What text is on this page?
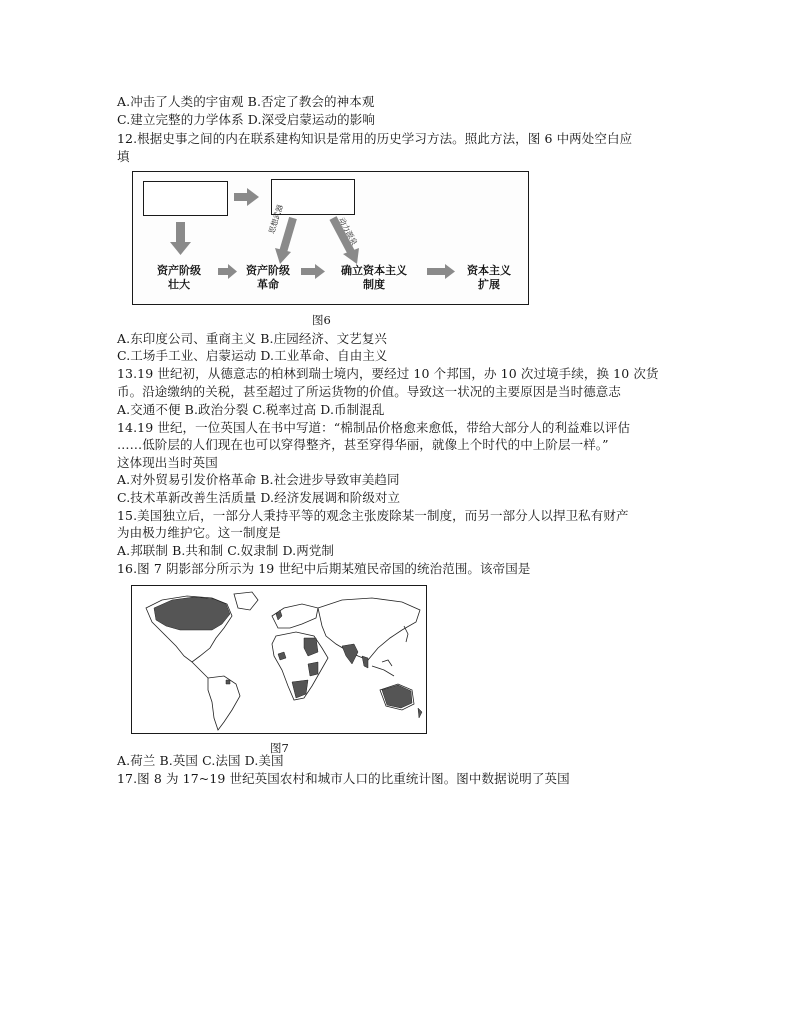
A.冲击了人类的宇宙观 B.否定了教会的神本观
C.建立完整的力学体系 D.深受启蒙运动的影响
12.根据史事之间的内在联系建构知识是常用的历史学习方法。照此方法，图 6 中两处空白应
填
思想武器	动力源泉
资产阶级
壮大
资产阶级
革命
确立资本主义
制度
资本主义
扩展
图6
A.东印度公司、重商主义 B.庄园经济、文艺复兴
C.工场手工业、启蒙运动 D.工业革命、自由主义
13.19 世纪初，从德意志的柏林到瑞士境内，要经过 10 个邦国，办 10 次过境手续，换 10 次货
币。沿途缴纳的关税，甚至超过了所运货物的价值。导致这一状况的主要原因是当时德意志
A.交通不便 B.政治分裂 C.税率过高 D.币制混乱
14.19 世纪，一位英国人在书中写道：“棉制品价格愈来愈低，带给大部分人的利益难以评估
……低阶层的人们现在也可以穿得整齐，甚至穿得华丽，就像上个时代的中上阶层一样。”
这体现出当时英国
A.对外贸易引发价格革命 B.社会进步导致审美趋同
C.技术革新改善生活质量 D.经济发展调和阶级对立
15.美国独立后，一部分人秉持平等的观念主张废除某一制度，而另一部分人以捍卫私有财产
为由极力维护它。这一制度是
A.邦联制 B.共和制 C.奴隶制 D.两党制
16.图 7 阴影部分所示为 19 世纪中后期某殖民帝国的统治范围。该帝国是
图7
A.荷兰 B.英国 C.法国 D.美国
17.图 8 为 17~19 世纪英国农村和城市人口的比重统计图。图中数据说明了英国
